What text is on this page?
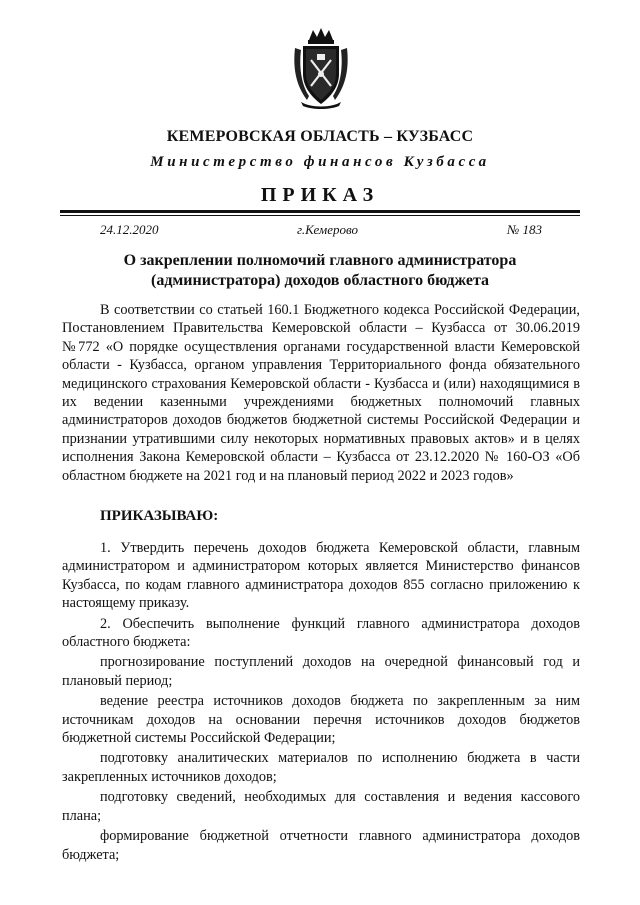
КЕМЕРОВСКАЯ ОБЛАСТЬ – КУЗБАСС
Министерство финансов Кузбасса
ПРИКАЗ
24.12.2020	г.Кемерово	№ 183
О закреплении полномочий главного администратора
(администратора) доходов областного бюджета

В соответствии со статьей 160.1 Бюджетного кодекса Российской Федерации, Постановлением Правительства Кемеровской области – Кузбасса от 30.06.2019 №772 «О порядке осуществления органами государственной власти Кемеровской области - Кузбасса, органом управления Территориального фонда обязательного медицинского страхования Кемеровской области - Кузбасса и (или) находящимися в их ведении казенными учреждениями бюджетных полномочий главных администраторов доходов бюджетов бюджетной системы Российской Федерации и признании утратившими силу некоторых нормативных правовых актов» и в целях исполнения Закона Кемеровской области – Кузбасса от 23.12.2020 № 160-ОЗ «Об областном бюджете на 2021 год и на плановый период 2022 и 2023 годов»

ПРИКАЗЫВАЮ:

1. Утвердить перечень доходов бюджета Кемеровской области, главным администратором и администратором которых является Министерство финансов Кузбасса, по кодам главного администратора доходов 855 согласно приложению к настоящему приказу.

2. Обеспечить выполнение функций главного администратора доходов областного бюджета:

прогнозирование поступлений доходов на очередной финансовый год и плановый период;

ведение реестра источников доходов бюджета по закрепленным за ним источникам доходов на основании перечня источников доходов бюджетов бюджетной системы Российской Федерации;

подготовку аналитических материалов по исполнению бюджета в части закрепленных источников доходов;

подготовку сведений, необходимых для составления и ведения кассового плана;

формирование бюджетной отчетности главного администратора доходов бюджета;
